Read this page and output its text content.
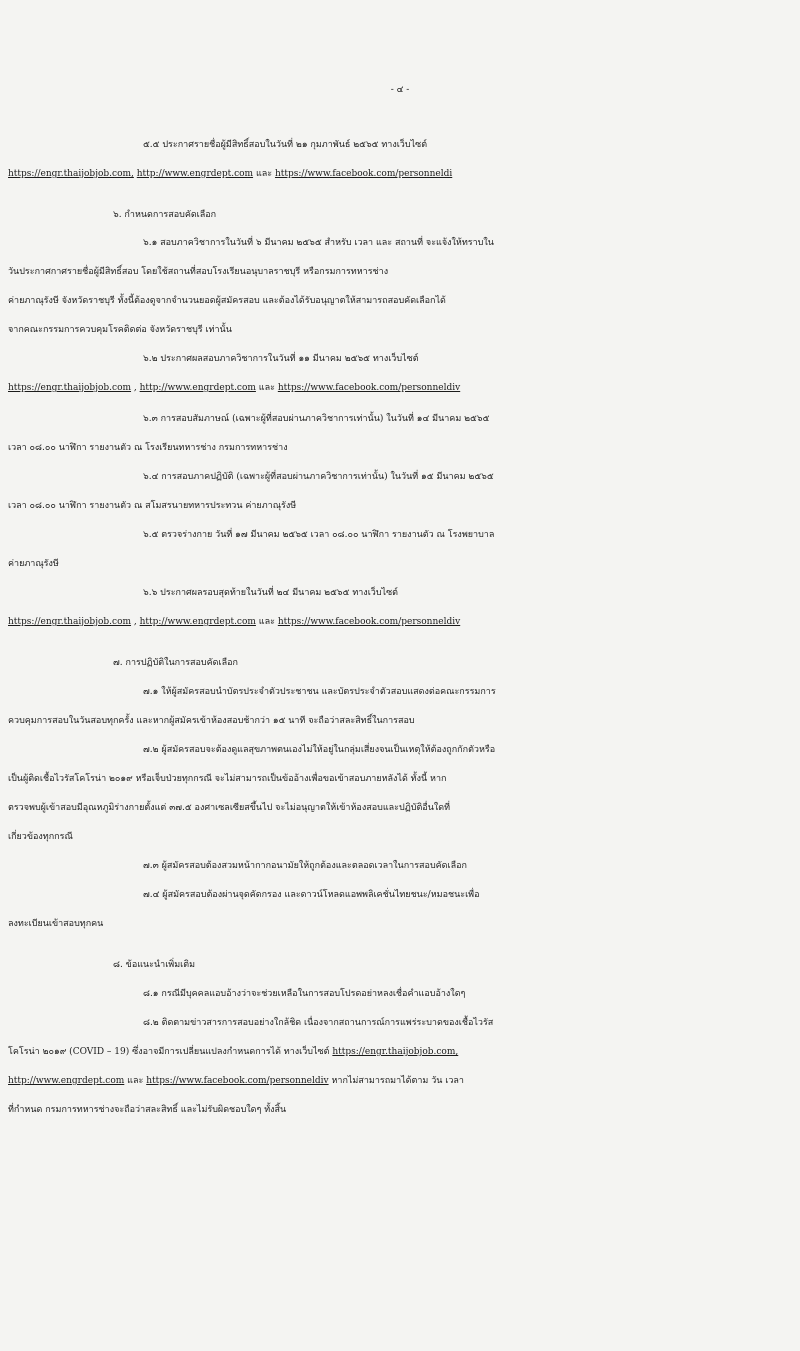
- ๔ -
๕.๕ ประกาศรายชื่อผู้มีสิทธิ์สอบในวันที่ ๒๑ กุมภาพันธ์ ๒๕๖๕ ทางเว็บไซต์
https://engr.thaijobjob.com, http://www.engrdept.com และ https://www.facebook.com/personneldi
๖. กำหนดการสอบคัดเลือก
๖.๑ สอบภาควิชาการในวันที่ ๖ มีนาคม ๒๕๖๕ สำหรับ เวลา และ สถานที่ จะแจ้งให้ทราบใน
วันประกาศกาศรายชื่อผู้มีสิทธิ์สอบ โดยใช้สถานที่สอบโรงเรียนอนุบาลราชบุรี หรือกรมการทหารช่าง
ค่ายภาณุรังษี จังหวัดราชบุรี ทั้งนี้ต้องดูจากจำนวนยอดผู้สมัครสอบ และต้องได้รับอนุญาตให้สามารถสอบคัดเลือกได้
จากคณะกรรมการควบคุมโรคติดต่อ จังหวัดราชบุรี เท่านั้น
๖.๒ ประกาศผลสอบภาควิชาการในวันที่ ๑๑ มีนาคม ๒๕๖๕ ทางเว็บไซต์
https://engr.thaijobjob.com , http://www.engrdept.com และ https://www.facebook.com/personneldiv
๖.๓ การสอบสัมภาษณ์ (เฉพาะผู้ที่สอบผ่านภาควิชาการเท่านั้น) ในวันที่ ๑๔ มีนาคม ๒๕๖๕
เวลา ๐๘.๐๐ นาฬิกา รายงานตัว ณ โรงเรียนทหารช่าง กรมการทหารช่าง
๖.๔ การสอบภาคปฏิบัติ (เฉพาะผู้ที่สอบผ่านภาควิชาการเท่านั้น) ในวันที่ ๑๕ มีนาคม ๒๕๖๕
เวลา ๐๘.๐๐ นาฬิกา รายงานตัว ณ สโมสรนายทหารประทวน ค่ายภาณุรังษี
๖.๕ ตรวจร่างกาย วันที่ ๑๗ มีนาคม ๒๕๖๕ เวลา ๐๘.๐๐ นาฬิกา รายงานตัว ณ โรงพยาบาล
ค่ายภาณุรังษี
๖.๖ ประกาศผลรอบสุดท้ายในวันที่ ๒๔ มีนาคม ๒๕๖๕ ทางเว็บไซต์
https://engr.thaijobjob.com , http://www.engrdept.com และ https://www.facebook.com/personneldiv
๗. การปฏิบัติในการสอบคัดเลือก
๗.๑ ให้ผู้สมัครสอบนำบัตรประจำตัวประชาชน และบัตรประจำตัวสอบแสดงต่อคณะกรรมการ
ควบคุมการสอบในวันสอบทุกครั้ง และหากผู้สมัครเข้าห้องสอบช้ากว่า ๑๕ นาที จะถือว่าสละสิทธิ์ในการสอบ
๗.๒ ผู้สมัครสอบจะต้องดูแลสุขภาพตนเองไม่ให้อยู่ในกลุ่มเสี่ยงจนเป็นเหตุให้ต้องถูกกักตัวหรือ
เป็นผู้ติดเชื้อไวรัสโคโรน่า ๒๐๑๙ หรือเจ็บป่วยทุกกรณี จะไม่สามารถเป็นข้ออ้างเพื่อขอเข้าสอบภายหลังได้ ทั้งนี้ หาก
ตรวจพบผู้เข้าสอบมีอุณหภูมิร่างกายตั้งแต่ ๓๗.๕ องศาเซลเซียสขึ้นไป จะไม่อนุญาตให้เข้าห้องสอบและปฏิบัติอื่นใดที่
เกี่ยวข้องทุกกรณี
๗.๓ ผู้สมัครสอบต้องสวมหน้ากากอนามัยให้ถูกต้องและตลอดเวลาในการสอบคัดเลือก
๗.๔ ผู้สมัครสอบต้องผ่านจุดคัดกรอง และดาวน์โหลดแอพพลิเคชั่นไทยชนะ/หมอชนะเพื่อ
ลงทะเบียนเข้าสอบทุกคน
๘. ข้อแนะนำเพิ่มเติม
๘.๑ กรณีมีบุคคลแอบอ้างว่าจะช่วยเหลือในการสอบโปรดอย่าหลงเชื่อคำแอบอ้างใดๆ
๘.๒ ติดตามข่าวสารการสอบอย่างใกล้ชิด เนื่องจากสถานการณ์การแพร่ระบาดของเชื้อไวรัส
โคโรน่า ๒๐๑๙ (COVID – 19) ซึ่งอาจมีการเปลี่ยนแปลงกำหนดการได้ ทางเว็บไซต์ https://engr.thaijobjob.com,
http://www.engrdept.com และ https://www.facebook.com/personneldiv หากไม่สามารถมาได้ตาม วัน เวลา
ที่กำหนด กรมการทหารช่างจะถือว่าสละสิทธิ์ และไม่รับผิดชอบใดๆ ทั้งสิ้น
